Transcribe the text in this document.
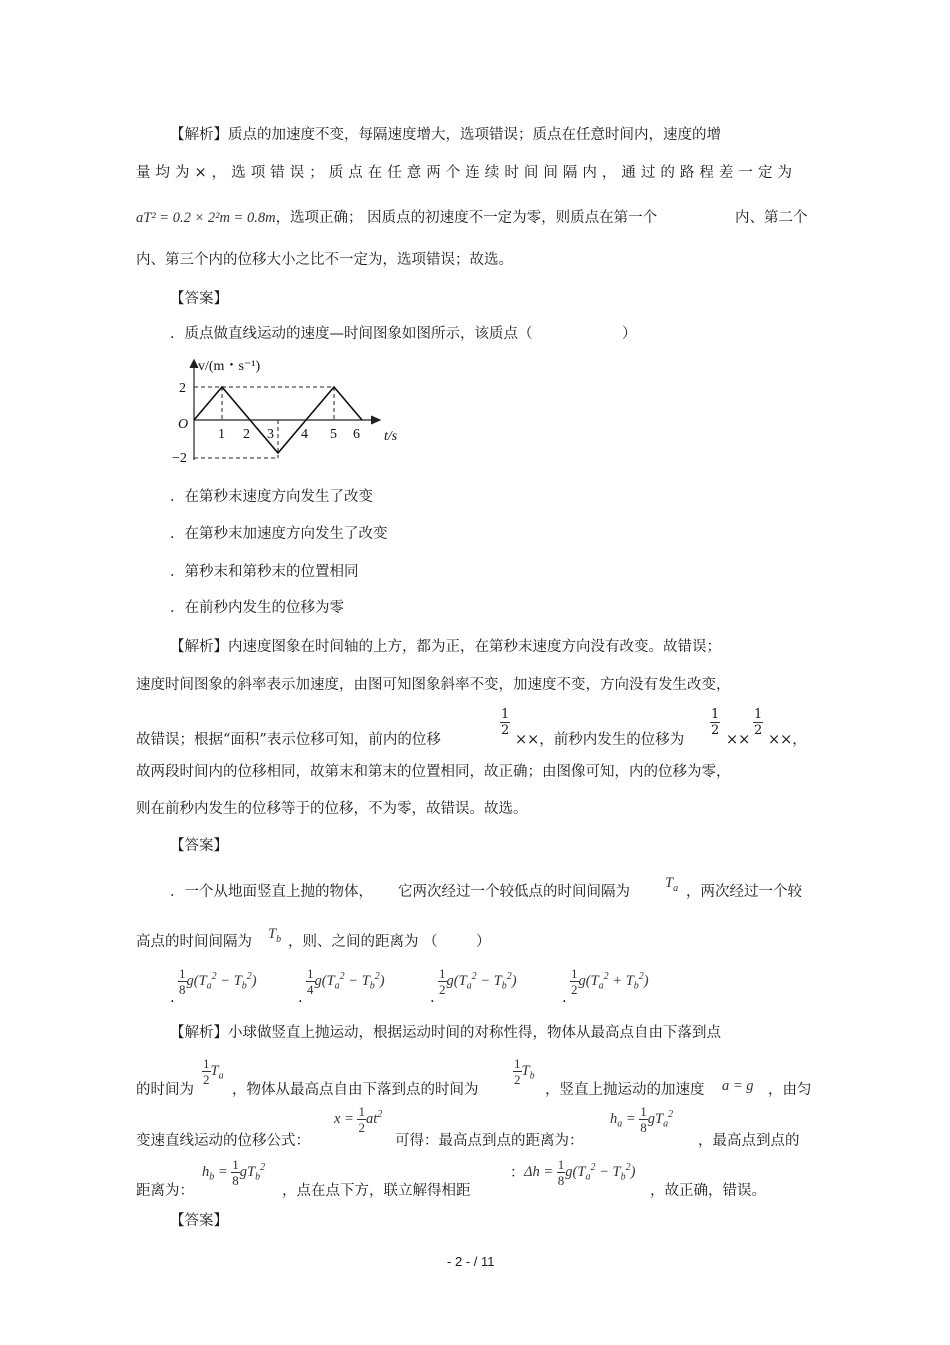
【解析】质点的加速度不变，每隔速度增大，选项错误；质点在任意时间内，速度的增
量 均 为 × ， 选 项 错 误 ； 质 点 在 任 意 两 个 连 续 时 间 间 隔 内 ， 通 过 的 路 程 差 一 定 为
aT² = 0.2 × 2²m = 0.8m，选项正确； 因质点的初速度不一定为零，则质点在第一个	内、第二个
内、第三个内的位移大小之比不一定为，选项错误；故选。
【答案】
．质点做直线运动的速度—时间图象如图所示，该质点（	）
v/(m・s⁻¹)
2
−2
O
1 2 3 4 5 6 t/s
．在第秒末速度方向发生了改变
．在第秒末加速度方向发生了改变
．第秒末和第秒末的位置相同
．在前秒内发生的位移为零
【解析】内速度图象在时间轴的上方，都为正，在第秒末速度方向没有改变。故错误；
速度时间图象的斜率表示加速度，由图可知图象斜率不变，加速度不变，方向没有发生改变，
故错误；根据“面积”表示位移可知，前内的位移
$\frac{1}{2}$
××，前秒内发生的位移为
$\frac{1}{2}$
××
$\frac{1}{2}$
××，
故两段时间内的位移相同，故第末和第末的位置相同，故正确；由图像可知，内的位移为零，
则在前秒内发生的位移等于的位移，不为零，故错误。故选。
【答案】
．一个从地面竖直上抛的物体， 它两次经过一个较低点的时间间隔为
$T_a$ ，两次经过一个较
高点的时间间隔为 $T_b$ ，则、之间的距离为 （	）
.
$\frac{1}{8} g(T_a^2 - T_b^2)$
.
$\frac{1}{4} g(T_a^2 - T_b^2)$
.
$\frac{1}{2} g(T_a^2 - T_b^2)$
.
$\frac{1}{2} g(T_a^2 + T_b^2)$
【解析】小球做竖直上抛运动，根据运动时间的对称性得，物体从最高点自由下落到点
的时间为
$\frac{1}{2} T_a$
，物体从最高点自由下落到点的时间为
$\frac{1}{2} T_b$
，竖直上抛运动的加速度 a = g ，由匀
变速直线运动的位移公式：
$x = \frac{1}{2} at^2$
可得：最高点到点的距离为：
$h_a = \frac{1}{8} gT_a^2$
，最高点到点的
距离为：
$h_b = \frac{1}{8} gT_b^2$
，点在点下方，联立解得相距
： $\Delta h = \frac{1}{8} g(T_a^2 - T_b^2)$
，故正确，错误。
【答案】
- 2 - / 11
